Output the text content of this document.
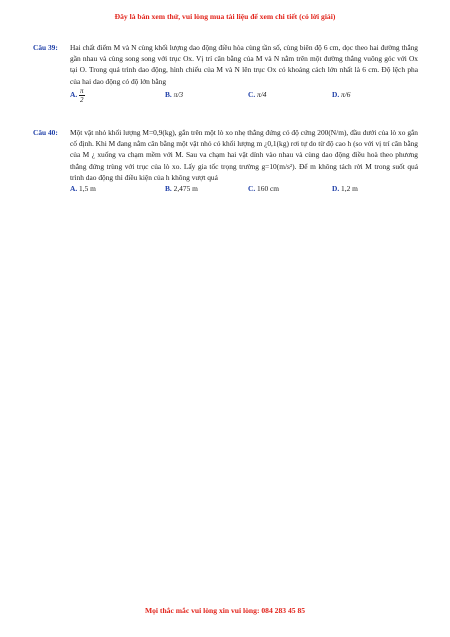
Đây là bản xem thử, vui lòng mua tài liệu để xem chi tiết (có lời giải)
Câu 39: Hai chất điểm M và N cùng khối lượng dao động điều hòa cùng tần số, cùng biên độ 6 cm, dọc theo hai đường thẳng gần nhau và cùng song song với trục Ox. Vị trí cân bằng của M và N nằm trên một đường thẳng vuông góc với Ox tại O. Trong quá trình dao động, hình chiếu của M và N lên trục Ox có khoảng cách lớn nhất là 6 cm. Độ lệch pha của hai dao động có độ lớn bằng
A. $\frac{\pi}{2}$	B. π/3	C. π/4	D. π/6
Câu 40: Một vật nhỏ khối lượng M=0,9(kg), gắn trên một lò xo nhẹ thẳng đứng có độ cứng 200(N/m), đầu dưới của lò xo gắn cố định. Khi M đang nằm cân bằng một vật nhỏ có khối lượng m ¿0,1(kg) rơi tự do từ độ cao h (so với vị trí cân bằng của M ¿ xuống va chạm mềm với M. Sau va chạm hai vật dính vào nhau và cùng dao động điều hoà theo phương thẳng đứng trùng với trục của lò xo. Lấy gia tốc trọng trường g=10(m/s²). Để m không tách rời M trong suốt quá trình dao động thì điều kiện của h không vượt quá
A. 1,5 m	B. 2,475 m	C. 160 cm	D. 1,2 m
Mọi thắc mắc vui lòng xin vui lòng: 084 283 45 85
